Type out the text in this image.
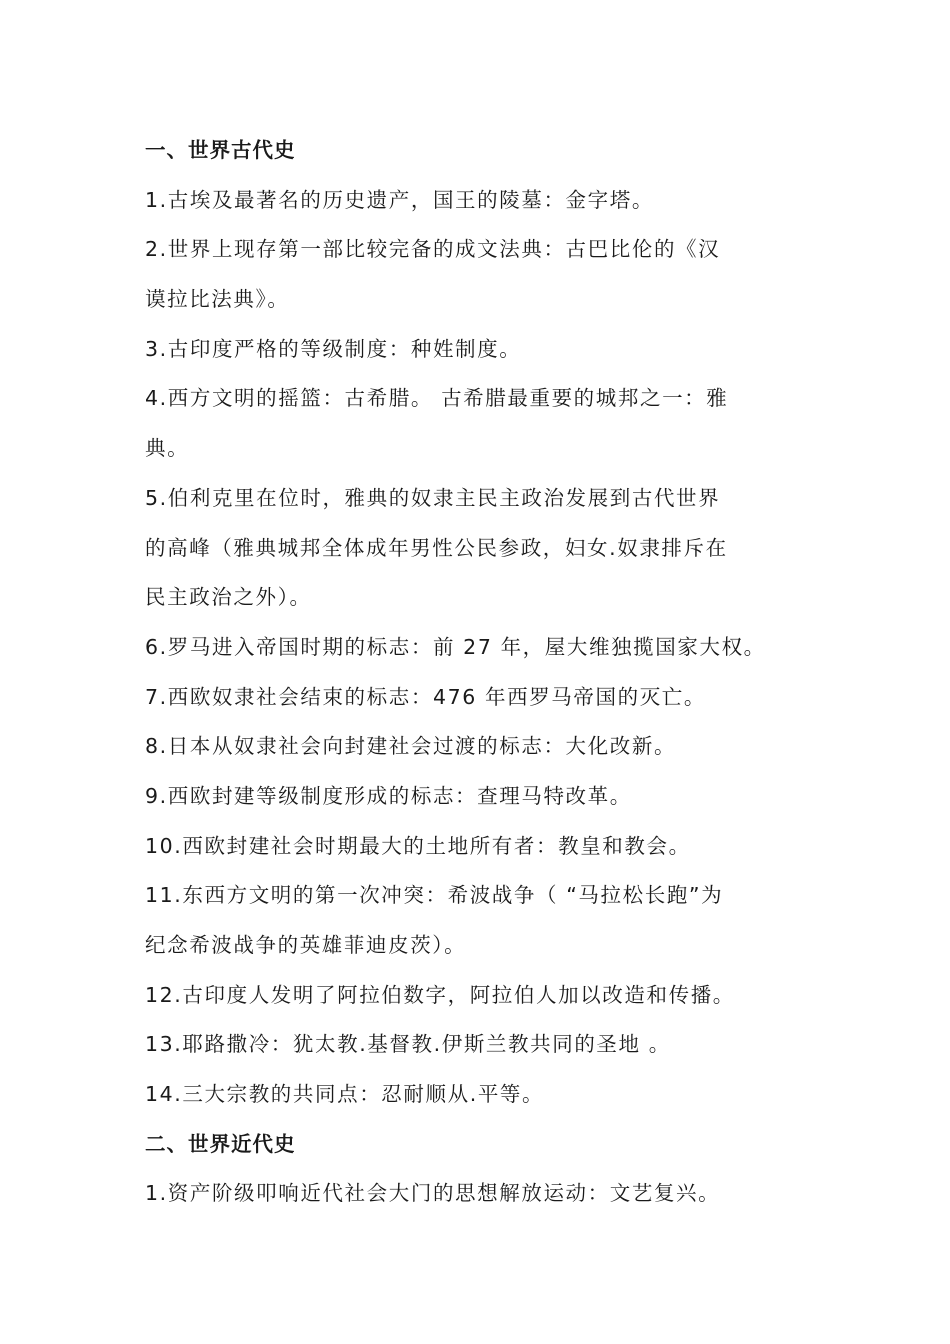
一、世界古代史
1.古埃及最著名的历史遗产，国王的陵墓：金字塔。
2.世界上现存第一部比较完备的成文法典：古巴比伦的《汉
谟拉比法典》。
3.古印度严格的等级制度：种姓制度。
4.西方文明的摇篮：古希腊。 古希腊最重要的城邦之一：雅
典。
5.伯利克里在位时，雅典的奴隶主民主政治发展到古代世界
的高峰（雅典城邦全体成年男性公民参政，妇女.奴隶排斥在
民主政治之外）。
6.罗马进入帝国时期的标志：前 27 年，屋大维独揽国家大权。
7.西欧奴隶社会结束的标志：476 年西罗马帝国的灭亡。
8.日本从奴隶社会向封建社会过渡的标志：大化改新。
9.西欧封建等级制度形成的标志：查理马特改革。
10.西欧封建社会时期最大的土地所有者：教皇和教会。
11.东西方文明的第一次冲突：希波战争（ “马拉松长跑”为
纪念希波战争的英雄菲迪皮茨）。
12.古印度人发明了阿拉伯数字，阿拉伯人加以改造和传播。
13.耶路撒冷：犹太教.基督教.伊斯兰教共同的圣地 。
14.三大宗教的共同点：忍耐顺从.平等。
二、世界近代史
1.资产阶级叩响近代社会大门的思想解放运动：文艺复兴。
